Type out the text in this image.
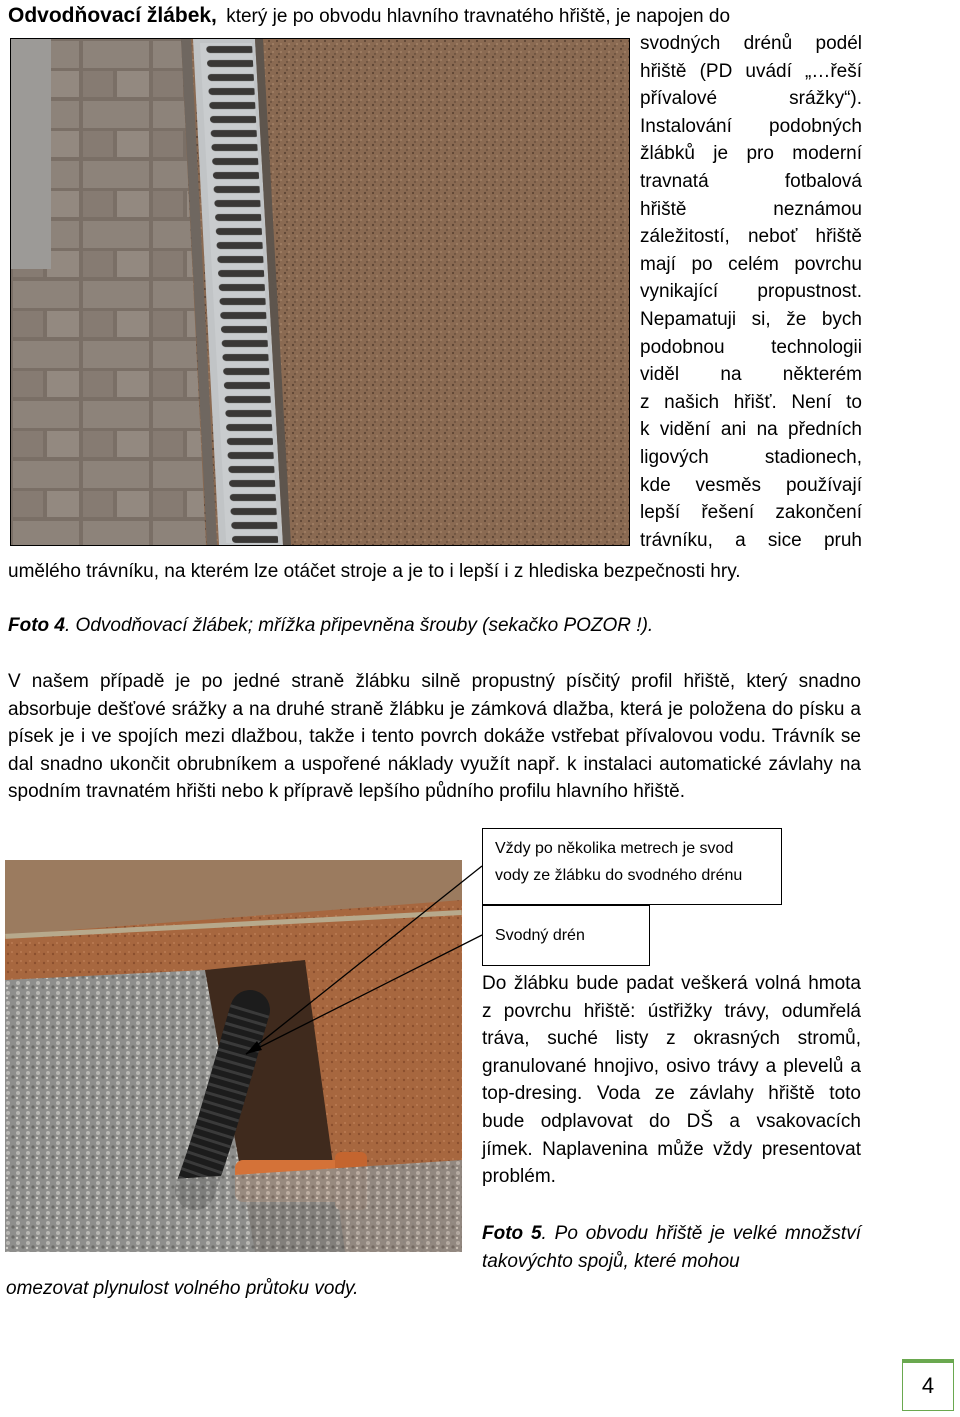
Odvodňovací žlábek, který je po obvodu hlavního travnatého hřiště, je napojen do
svodných drénů podél
hřiště (PD uvádí „…řeší
přívalové srážky“).
Instalování podobných
žlábků je pro moderní
travnatá fotbalová
hřiště neznámou
záležitostí, neboť hřiště
mají po celém povrchu
vynikající propustnost.
Nepamatuji si, že bych
podobnou technologii
viděl na některém
z našich hřišť. Není to
k vidění ani na předních
ligových stadionech,
kde vesměs používají
lepší řešení zakončení
trávníku, a sice pruh
umělého trávníku, na kterém lze otáčet stroje a je to i lepší i z hlediska bezpečnosti hry.
Foto 4. Odvodňovací žlábek; mřížka připevněna šrouby (sekačko POZOR !).
V našem případě je po jedné straně žlábku silně propustný písčitý profil hřiště, který snadno absorbuje dešťové srážky a na druhé straně žlábku je zámková dlažba, která je položena do písku a písek je i ve spojích mezi dlažbou, takže i tento povrch dokáže vstřebat přívalovou vodu. Trávník se dal snadno ukončit obrubníkem a uspořené náklady využít např. k instalaci automatické závlahy na spodním travnatém hřišti nebo k přípravě lepšího půdního profilu hlavního hřiště.
Vždy po několika metrech je svod vody ze žlábku do svodného drénu
Svodný drén
Do žlábku bude padat veškerá volná hmota z povrchu hřiště: ústřižky trávy, odumřelá tráva, suché listy z okrasných stromů, granulované hnojivo, osivo trávy a plevelů a top-dresing. Voda ze závlahy hřiště toto bude odplavovat do DŠ a vsakovacích jímek. Naplavenina může vždy presentovat problém.
Foto 5. Po obvodu hřiště je velké množství takovýchto spojů, které mohou
omezovat plynulost volného průtoku vody.
4
